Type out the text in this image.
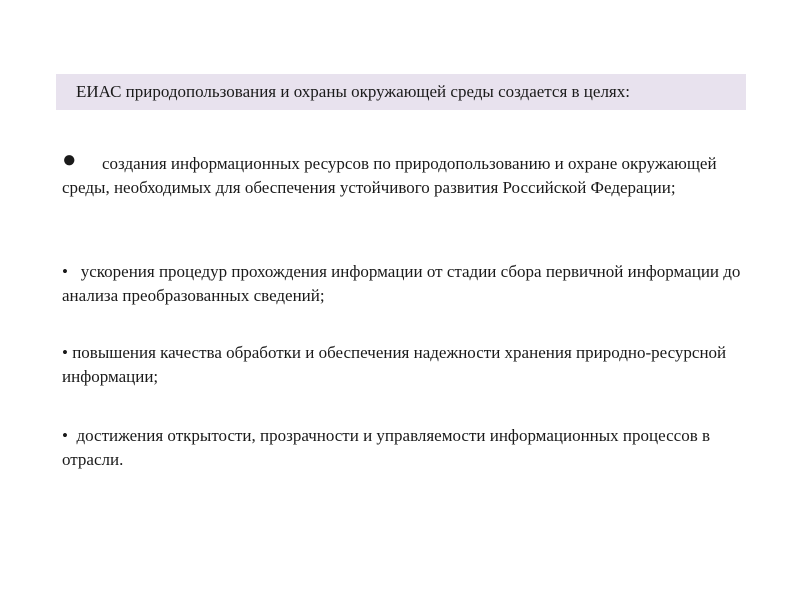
ЕИАС природопользования и охраны окружающей среды создается в целях:

● создания информационных ресурсов по природопользованию и охране окружающей среды, необходимых для обеспечения устойчивого развития Российской Федерации;

• ускорения процедур прохождения информации от стадии сбора первичной информации до анализа преобразованных сведений;

• повышения качества обработки и обеспечения надежности хранения природно-ресурсной информации;

• достижения открытости, прозрачности и управляемости информационных процессов в отрасли.
